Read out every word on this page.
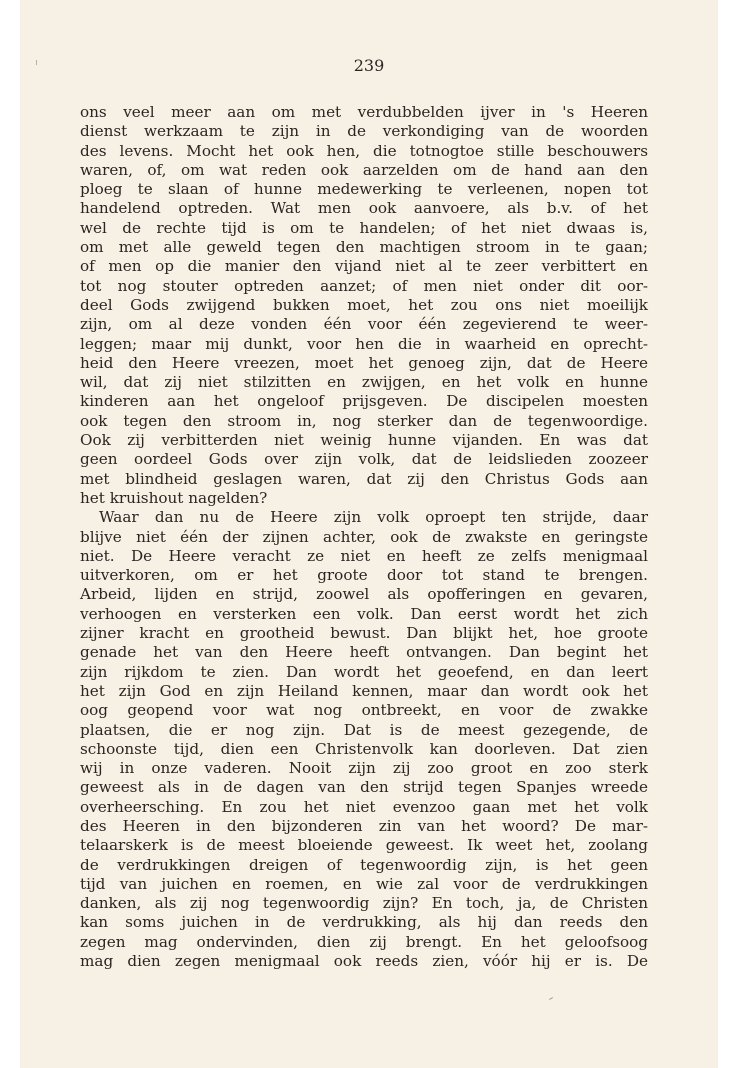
239
ons veel meer aan om met verdubbelden ijver in 's Heeren
dienst werkzaam te zijn in de verkondiging van de woorden
des levens. Mocht het ook hen, die totnogtoe stille beschouwers
waren, of, om wat reden ook aarzelden om de hand aan den
ploeg te slaan of hunne medewerking te verleenen, nopen tot
handelend optreden. Wat men ook aanvoere, als b.v. of het
wel de rechte tijd is om te handelen; of het niet dwaas is,
om met alle geweld tegen den machtigen stroom in te gaan;
of men op die manier den vijand niet al te zeer verbittert en
tot nog stouter optreden aanzet; of men niet onder dit oor-
deel Gods zwijgend bukken moet, het zou ons niet moeilijk
zijn, om al deze vonden één voor één zegevierend te weer-
leggen; maar mij dunkt, voor hen die in waarheid en oprecht-
heid den Heere vreezen, moet het genoeg zijn, dat de Heere
wil, dat zij niet stilzitten en zwijgen, en het volk en hunne
kinderen aan het ongeloof prijsgeven. De discipelen moesten
ook tegen den stroom in, nog sterker dan de tegenwoordige.
Ook zij verbitterden niet weinig hunne vijanden. En was dat
geen oordeel Gods over zijn volk, dat de leidslieden zoozeer
met blindheid geslagen waren, dat zij den Christus Gods aan
het kruishout nagelden?
Waar dan nu de Heere zijn volk oproept ten strijde, daar
blijve niet één der zijnen achter, ook de zwakste en geringste
niet. De Heere veracht ze niet en heeft ze zelfs menigmaal
uitverkoren, om er het groote door tot stand te brengen.
Arbeid, lijden en strijd, zoowel als opofferingen en gevaren,
verhoogen en versterken een volk. Dan eerst wordt het zich
zijner kracht en grootheid bewust. Dan blijkt het, hoe groote
genade het van den Heere heeft ontvangen. Dan begint het
zijn rijkdom te zien. Dan wordt het geoefend, en dan leert
het zijn God en zijn Heiland kennen, maar dan wordt ook het
oog geopend voor wat nog ontbreekt, en voor de zwakke
plaatsen, die er nog zijn. Dat is de meest gezegende, de
schoonste tijd, dien een Christenvolk kan doorleven. Dat zien
wij in onze vaderen. Nooit zijn zij zoo groot en zoo sterk
geweest als in de dagen van den strijd tegen Spanjes wreede
overheersching. En zou het niet evenzoo gaan met het volk
des Heeren in den bijzonderen zin van het woord? De mar-
telaarskerk is de meest bloeiende geweest. Ik weet het, zoolang
de verdrukkingen dreigen of tegenwoordig zijn, is het geen
tijd van juichen en roemen, en wie zal voor de verdrukkingen
danken, als zij nog tegenwoordig zijn? En toch, ja, de Christen
kan soms juichen in de verdrukking, als hij dan reeds den
zegen mag ondervinden, dien zij brengt. En het geloofsoog
mag dien zegen menigmaal ook reeds zien, vóór hij er is. De
